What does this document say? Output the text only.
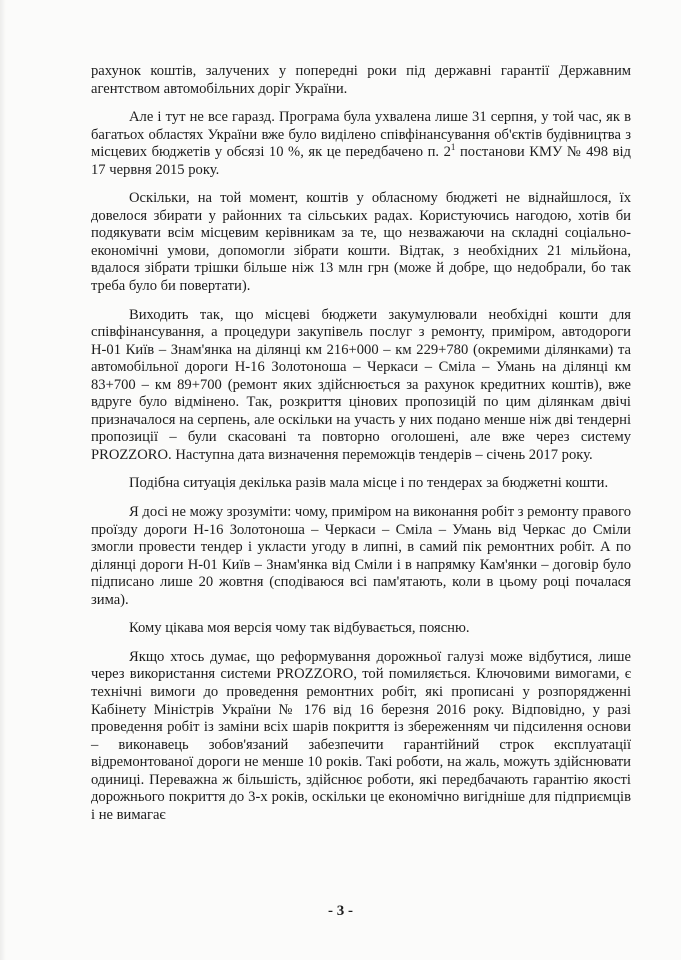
рахунок коштів, залучених у попередні роки під державні гарантії Державним агентством автомобільних доріг України.

Але і тут не все гаразд. Програма була ухвалена лише 31 серпня, у той час, як в багатьох областях України вже було виділено співфінансування об'єктів будівництва з місцевих бюджетів у обсязі 10 %, як це передбачено п. $2^1$ постанови КМУ № 498 від 17 червня 2015 року.

Оскільки, на той момент, коштів у обласному бюджеті не віднайшлося, їх довелося збирати у районних та сільських радах. Користуючись нагодою, хотів би подякувати всім місцевим керівникам за те, що незважаючи на складні соціально-економічні умови, допомогли зібрати кошти. Відтак, з необхідних 21 мільйона, вдалося зібрати трішки більше ніж 13 млн грн (може й добре, що недобрали, бо так треба було би повертати).

Виходить так, що місцеві бюджети закумулювали необхідні кошти для співфінансування, а процедури закупівель послуг з ремонту, приміром, автодороги Н-01 Київ – Знам'янка на ділянці км 216+000 – км 229+780 (окремими ділянками) та автомобільної дороги Н-16 Золотоноша – Черкаси – Сміла – Умань на ділянці км 83+700 – км 89+700 (ремонт яких здійснюється за рахунок кредитних коштів), вже вдруге було відмінено. Так, розкриття цінових пропозицій по цим ділянкам двічі призначалося на серпень, але оскільки на участь у них подано менше ніж дві тендерні пропозиції – були скасовані та повторно оголошені, але вже через систему PROZZORO. Наступна дата визначення переможців тендерів – січень 2017 року.

Подібна ситуація декілька разів мала місце і по тендерах за бюджетні кошти.

Я досі не можу зрозуміти: чому, приміром на виконання робіт з ремонту правого проїзду дороги Н-16 Золотоноша – Черкаси – Сміла – Умань від Черкас до Сміли змогли провести тендер і укласти угоду в липні, в самий пік ремонтних робіт. А по ділянці дороги Н-01 Київ – Знам'янка від Сміли і в напрямку Кам'янки – договір було підписано лише 20 жовтня (сподіваюся всі пам'ятають, коли в цьому році почалася зима).

Кому цікава моя версія чому так відбувається, поясню.

Якщо хтось думає, що реформування дорожньої галузі може відбутися, лише через використання системи PROZZORO, той помиляється. Ключовими вимогами, є технічні вимоги до проведення ремонтних робіт, які прописані у розпорядженні Кабінету Міністрів України № 176 від 16 березня 2016 року. Відповідно, у разі проведення робіт із заміни всіх шарів покриття із збереженням чи підсилення основи – виконавець зобов'язаний забезпечити гарантійний строк експлуатації відремонтованої дороги не менше 10 років. Такі роботи, на жаль, можуть здійснювати одиниці. Переважна ж більшість, здійснює роботи, які передбачають гарантію якості дорожнього покриття до 3-х років, оскільки це економічно вигідніше для підприємців і не вимагає

- 3 -
